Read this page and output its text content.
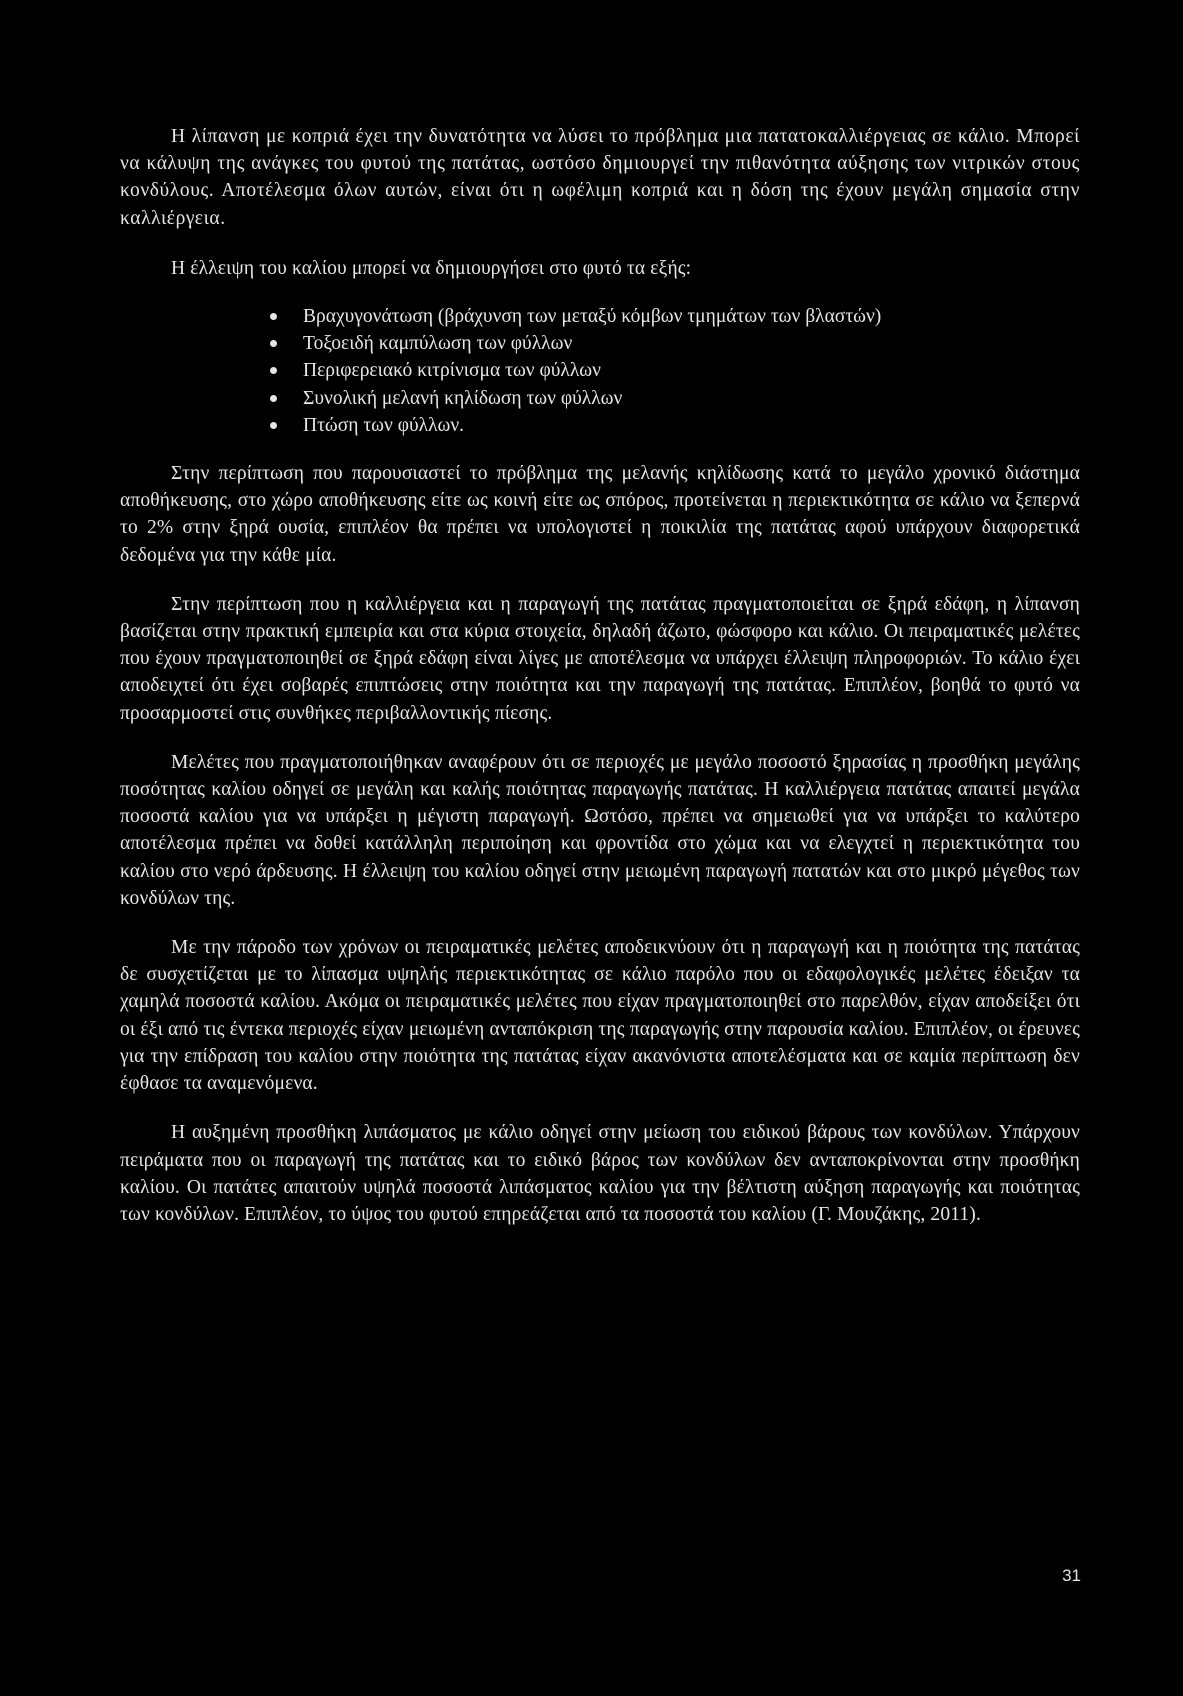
Η λίπανση με κοπριά έχει την δυνατότητα να λύσει το πρόβλημα μια πατατοκαλλιέργειας σε κάλιο. Μπορεί να κάλυψη της ανάγκες του φυτού της πατάτας, ωστόσο δημιουργεί την πιθανότητα αύξησης των νιτρικών στους κονδύλους. Αποτέλεσμα όλων αυτών, είναι ότι η ωφέλιμη κοπριά και η δόση της έχουν μεγάλη σημασία στην καλλιέργεια.

Η έλλειψη του καλίου μπορεί να δημιουργήσει στο φυτό τα εξής:

Βραχυγονάτωση (βράχυνση των μεταξύ κόμβων τμημάτων των βλαστών)
Τοξοειδή καμπύλωση των φύλλων
Περιφερειακό κιτρίνισμα των φύλλων
Συνολική μελανή κηλίδωση των φύλλων
Πτώση των φύλλων.

Στην περίπτωση που παρουσιαστεί το πρόβλημα της μελανής κηλίδωσης κατά το μεγάλο χρονικό διάστημα αποθήκευσης, στο χώρο αποθήκευσης είτε ως κοινή είτε ως σπόρος, προτείνεται η περιεκτικότητα σε κάλιο να ξεπερνά το 2% στην ξηρά ουσία, επιπλέον θα πρέπει να υπολογιστεί η ποικιλία της πατάτας αφού υπάρχουν διαφορετικά δεδομένα για την κάθε μία.

Στην περίπτωση που η καλλιέργεια και η παραγωγή της πατάτας πραγματοποιείται σε ξηρά εδάφη, η λίπανση βασίζεται στην πρακτική εμπειρία και στα κύρια στοιχεία, δηλαδή άζωτο, φώσφορο και κάλιο. Οι πειραματικές μελέτες που έχουν πραγματοποιηθεί σε ξηρά εδάφη είναι λίγες με αποτέλεσμα να υπάρχει έλλειψη πληροφοριών. Το κάλιο έχει αποδειχτεί ότι έχει σοβαρές επιπτώσεις στην ποιότητα και την παραγωγή της πατάτας. Επιπλέον, βοηθά το φυτό να προσαρμοστεί στις συνθήκες περιβαλλοντικής πίεσης.

Μελέτες που πραγματοποιήθηκαν αναφέρουν ότι σε περιοχές με μεγάλο ποσοστό ξηρασίας η προσθήκη μεγάλης ποσότητας καλίου οδηγεί σε μεγάλη και καλής ποιότητας παραγωγής πατάτας. Η καλλιέργεια πατάτας απαιτεί μεγάλα ποσοστά καλίου για να υπάρξει η μέγιστη παραγωγή. Ωστόσο, πρέπει να σημειωθεί για να υπάρξει το καλύτερο αποτέλεσμα πρέπει να δοθεί κατάλληλη περιποίηση και φροντίδα στο χώμα και να ελεγχτεί η περιεκτικότητα του καλίου στο νερό άρδευσης. Η έλλειψη του καλίου οδηγεί στην μειωμένη παραγωγή πατατών και στο μικρό μέγεθος των κονδύλων της.

Με την πάροδο των χρόνων οι πειραματικές μελέτες αποδεικνύουν ότι η παραγωγή και η ποιότητα της πατάτας δε συσχετίζεται με το λίπασμα υψηλής περιεκτικότητας σε κάλιο παρόλο που οι εδαφολογικές μελέτες έδειξαν τα χαμηλά ποσοστά καλίου. Ακόμα οι πειραματικές μελέτες που είχαν πραγματοποιηθεί στο παρελθόν, είχαν αποδείξει ότι οι έξι από τις έντεκα περιοχές είχαν μειωμένη ανταπόκριση της παραγωγής στην παρουσία καλίου. Επιπλέον, οι έρευνες για την επίδραση του καλίου στην ποιότητα της πατάτας είχαν ακανόνιστα αποτελέσματα και σε καμία περίπτωση δεν έφθασε τα αναμενόμενα.

Η αυξημένη προσθήκη λιπάσματος με κάλιο οδηγεί στην μείωση του ειδικού βάρους των κονδύλων. Υπάρχουν πειράματα που οι παραγωγή της πατάτας και το ειδικό βάρος των κονδύλων δεν ανταποκρίνονται στην προσθήκη καλίου. Οι πατάτες απαιτούν υψηλά ποσοστά λιπάσματος καλίου για την βέλτιστη αύξηση παραγωγής και ποιότητας των κονδύλων. Επιπλέον, το ύψος του φυτού επηρεάζεται από τα ποσοστά του καλίου (Γ. Μουζάκης, 2011).

31
